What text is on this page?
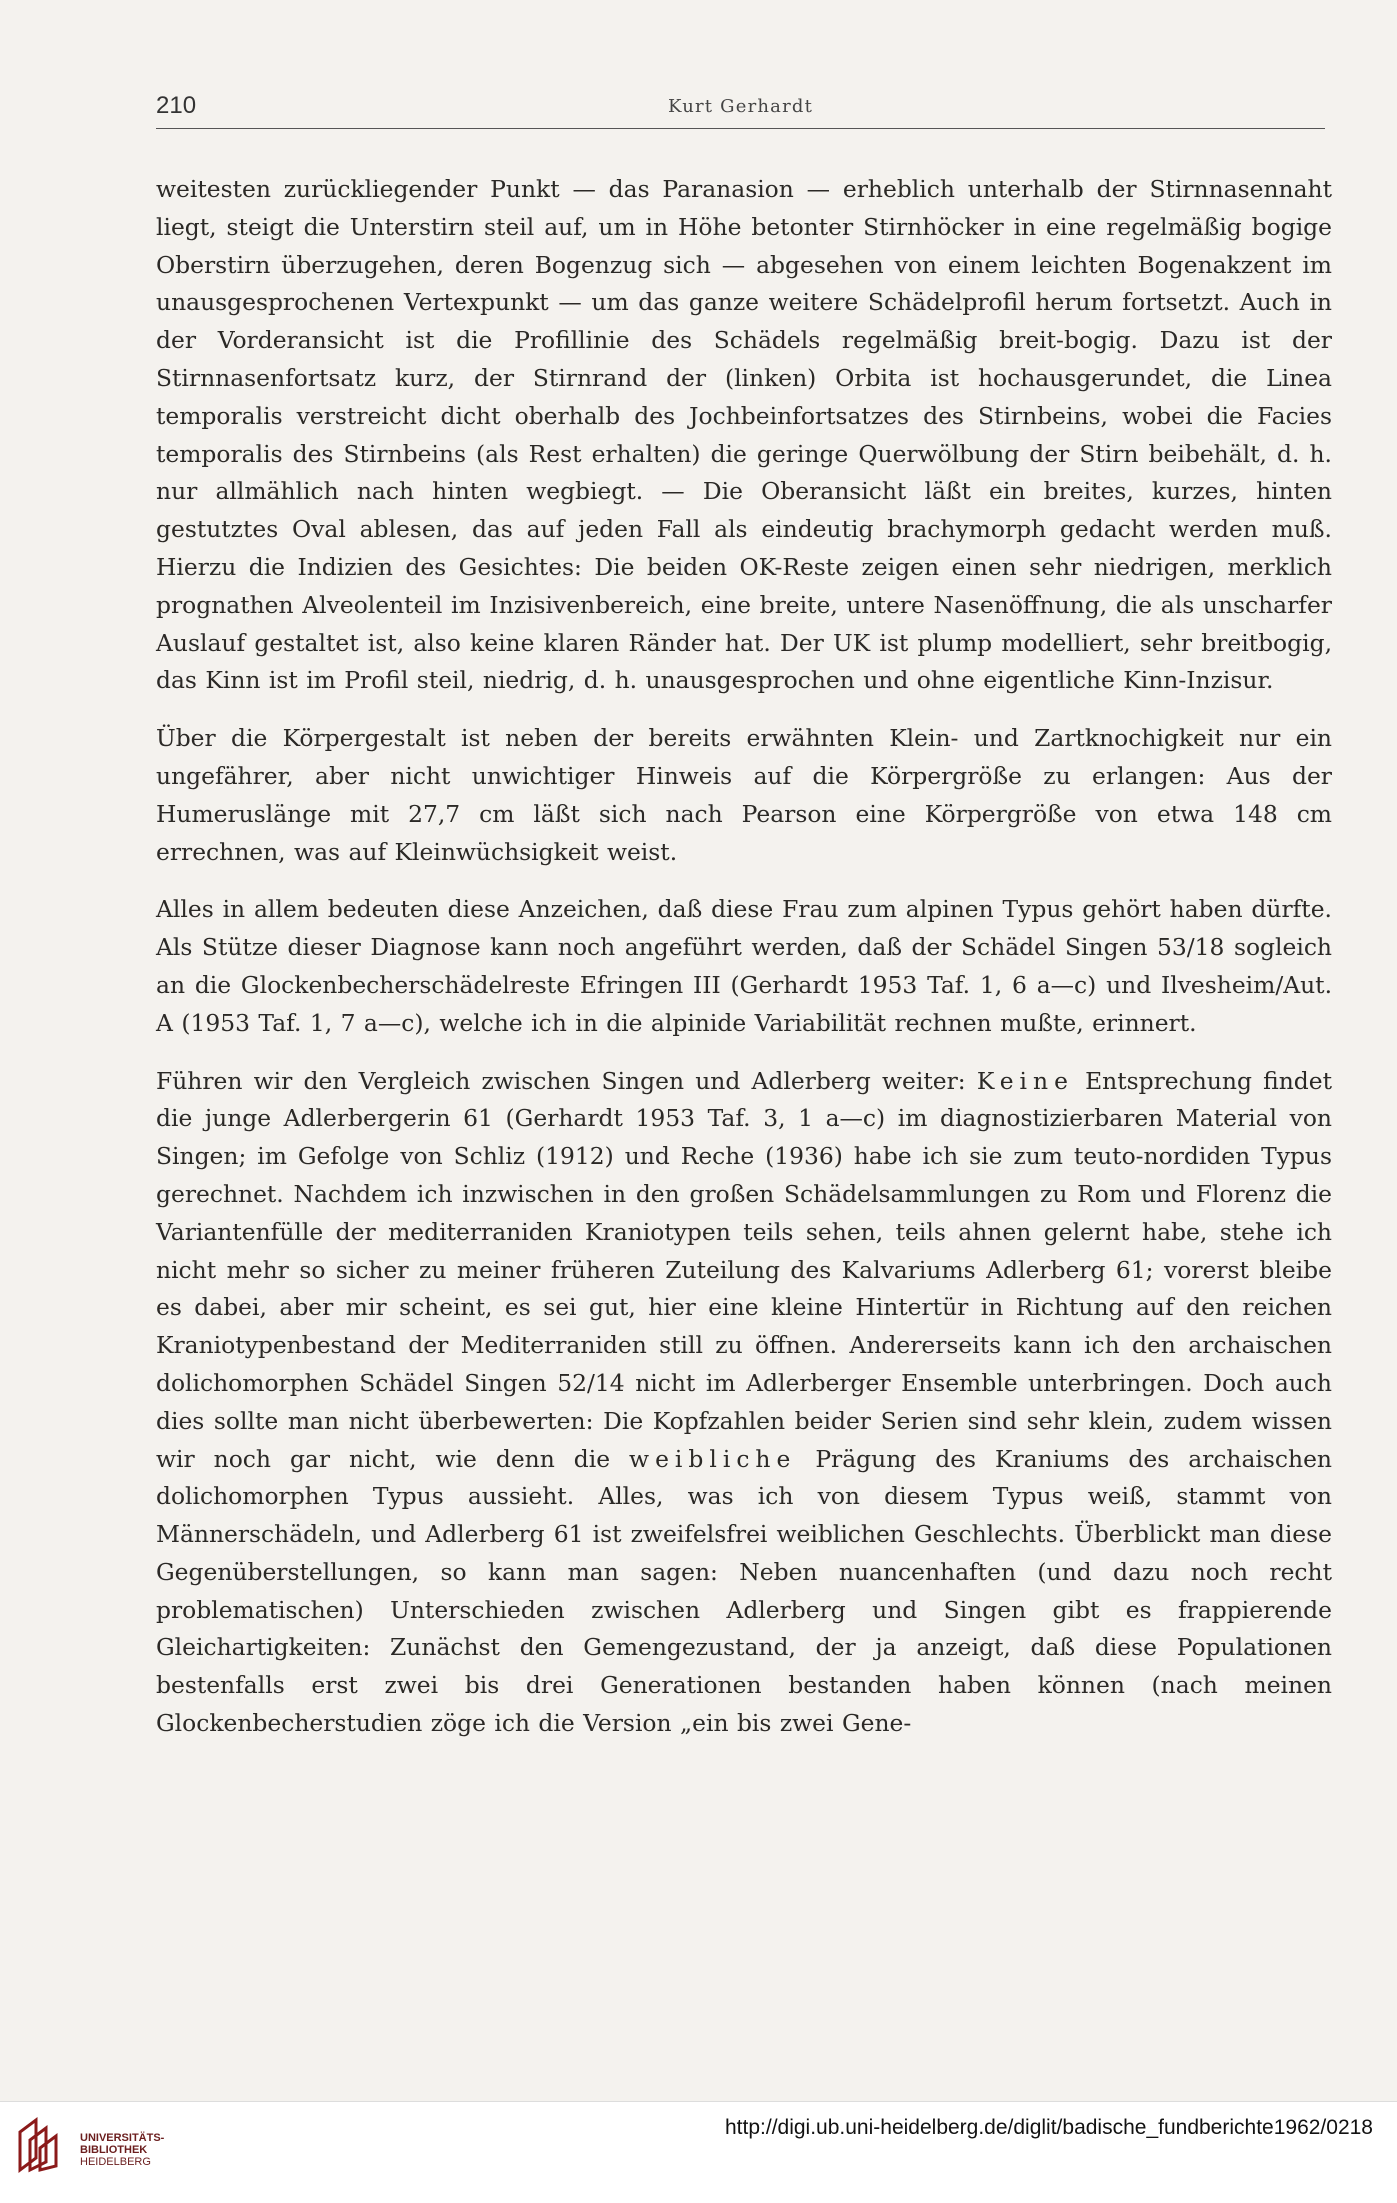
210	Kurt Gerhardt

weitesten zurückliegender Punkt — das Paranasion — erheblich unterhalb der Stirnnasennaht liegt, steigt die Unterstirn steil auf, um in Höhe betonter Stirnhöcker in eine regelmäßig bogige Oberstirn überzugehen, deren Bogenzug sich — abgesehen von einem leichten Bogenakzent im unausgesprochenen Vertexpunkt — um das ganze weitere Schädelprofil herum fortsetzt. Auch in der Vorderansicht ist die Profillinie des Schädels regelmäßig breit-bogig. Dazu ist der Stirnnasenfortsatz kurz, der Stirnrand der (linken) Orbita ist hochausgerundet, die Linea temporalis verstreicht dicht oberhalb des Jochbeinfortsatzes des Stirnbeins, wobei die Facies temporalis des Stirnbeins (als Rest erhalten) die geringe Querwölbung der Stirn beibehält, d. h. nur allmählich nach hinten wegbiegt. — Die Oberansicht läßt ein breites, kurzes, hinten gestutztes Oval ablesen, das auf jeden Fall als eindeutig brachymorph gedacht werden muß. Hierzu die Indizien des Gesichtes: Die beiden OK-Reste zeigen einen sehr niedrigen, merklich prognathen Alveolenteil im Inzisivenbereich, eine breite, untere Nasenöffnung, die als unscharfer Auslauf gestaltet ist, also keine klaren Ränder hat. Der UK ist plump modelliert, sehr breitbogig, das Kinn ist im Profil steil, niedrig, d. h. unausgesprochen und ohne eigentliche Kinn-Inzisur.

Über die Körpergestalt ist neben der bereits erwähnten Klein- und Zartknochigkeit nur ein ungefährer, aber nicht unwichtiger Hinweis auf die Körpergröße zu erlangen: Aus der Humeruslänge mit 27,7 cm läßt sich nach Pearson eine Körpergröße von etwa 148 cm errechnen, was auf Kleinwüchsigkeit weist.

Alles in allem bedeuten diese Anzeichen, daß diese Frau zum alpinen Typus gehört haben dürfte. Als Stütze dieser Diagnose kann noch angeführt werden, daß der Schädel Singen 53/18 sogleich an die Glockenbecherschädelreste Efringen III (Gerhardt 1953 Taf. 1, 6 a—c) und Ilvesheim/Aut. A (1953 Taf. 1, 7 a—c), welche ich in die alpinide Variabilität rechnen mußte, erinnert.

Führen wir den Vergleich zwischen Singen und Adlerberg weiter: Keine Entsprechung findet die junge Adlerbergerin 61 (Gerhardt 1953 Taf. 3, 1 a—c) im diagnostizierbaren Material von Singen; im Gefolge von Schliz (1912) und Reche (1936) habe ich sie zum teuto-nordiden Typus gerechnet. Nachdem ich inzwischen in den großen Schädelsammlungen zu Rom und Florenz die Variantenfülle der mediterraniden Kraniotypen teils sehen, teils ahnen gelernt habe, stehe ich nicht mehr so sicher zu meiner früheren Zuteilung des Kalvariums Adlerberg 61; vorerst bleibe es dabei, aber mir scheint, es sei gut, hier eine kleine Hintertür in Richtung auf den reichen Kraniotypenbestand der Mediterraniden still zu öffnen. Andererseits kann ich den archaischen dolichomorphen Schädel Singen 52/14 nicht im Adlerberger Ensemble unterbringen. Doch auch dies sollte man nicht überbewerten: Die Kopfzahlen beider Serien sind sehr klein, zudem wissen wir noch gar nicht, wie denn die weibliche Prägung des Kraniums des archaischen dolichomorphen Typus aussieht. Alles, was ich von diesem Typus weiß, stammt von Männerschädeln, und Adlerberg 61 ist zweifelsfrei weiblichen Geschlechts. Überblickt man diese Gegenüberstellungen, so kann man sagen: Neben nuancenhaften (und dazu noch recht problematischen) Unterschieden zwischen Adlerberg und Singen gibt es frappierende Gleichartigkeiten: Zunächst den Gemengezustand, der ja anzeigt, daß diese Populationen bestenfalls erst zwei bis drei Generationen bestanden haben können (nach meinen Glockenbecherstudien zöge ich die Version „ein bis zwei Gene-

UNIVERSITÄTS-
BIBLIOTHEK
HEIDELBERG
http://digi.ub.uni-heidelberg.de/diglit/badische_fundberichte1962/0218
